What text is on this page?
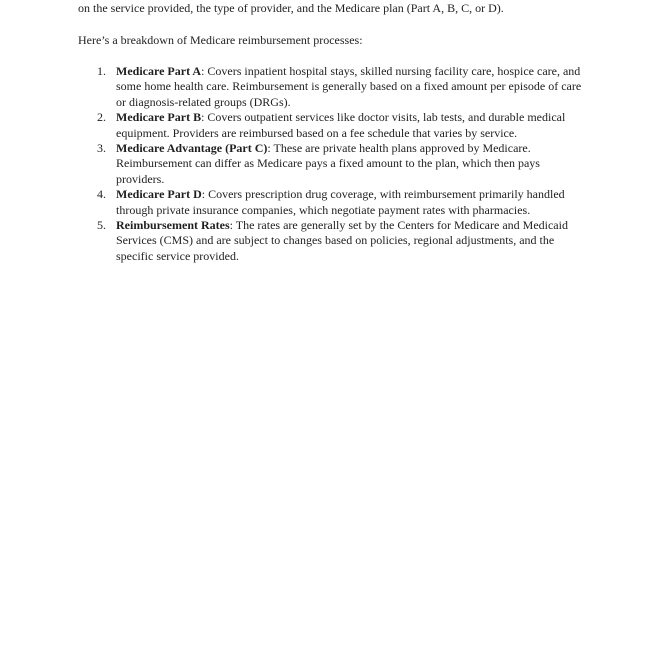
on the service provided, the type of provider, and the Medicare plan (Part A, B, C, or D).

Here’s a breakdown of Medicare reimbursement processes:

1. Medicare Part A: Covers inpatient hospital stays, skilled nursing facility care, hospice care, and some home health care. Reimbursement is generally based on a fixed amount per episode of care or diagnosis-related groups (DRGs).
2. Medicare Part B: Covers outpatient services like doctor visits, lab tests, and durable medical equipment. Providers are reimbursed based on a fee schedule that varies by service.
3. Medicare Advantage (Part C): These are private health plans approved by Medicare. Reimbursement can differ as Medicare pays a fixed amount to the plan, which then pays providers.
4. Medicare Part D: Covers prescription drug coverage, with reimbursement primarily handled through private insurance companies, which negotiate payment rates with pharmacies.
5. Reimbursement Rates: The rates are generally set by the Centers for Medicare and Medicaid Services (CMS) and are subject to changes based on policies, regional adjustments, and the specific service provided.
